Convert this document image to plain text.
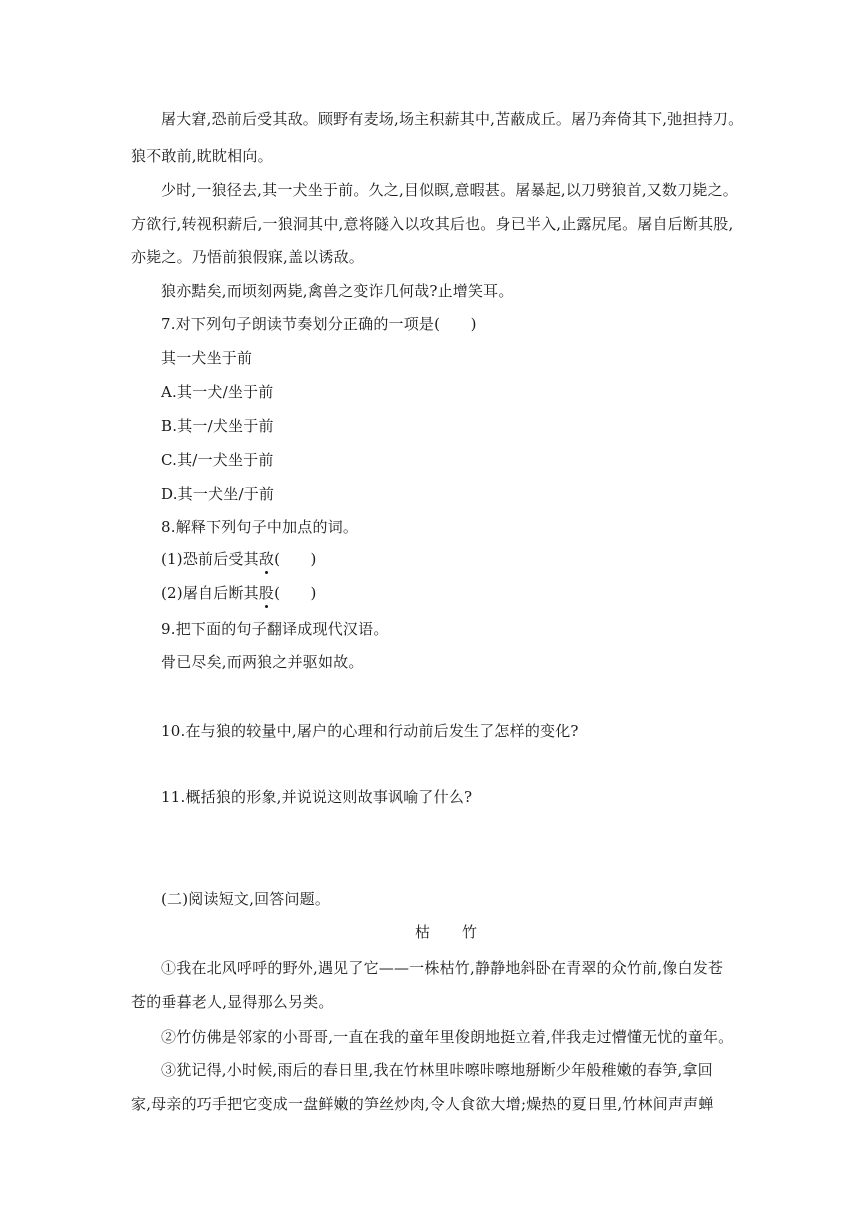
屠大窘,恐前后受其敌。顾野有麦场,场主积薪其中,苫蔽成丘。屠乃奔倚其下,弛担持刀。
狼不敢前,眈眈相向。
少时,一狼径去,其一犬坐于前。久之,目似瞑,意暇甚。屠暴起,以刀劈狼首,又数刀毙之。
方欲行,转视积薪后,一狼洞其中,意将隧入以攻其后也。身已半入,止露尻尾。屠自后断其股,
亦毙之。乃悟前狼假寐,盖以诱敌。
狼亦黠矣,而顷刻两毙,禽兽之变诈几何哉?止增笑耳。
7.对下列句子朗读节奏划分正确的一项是(　　)
其一犬坐于前
A.其一犬/坐于前
B.其一/犬坐于前
C.其/一犬坐于前
D.其一犬坐/于前
8.解释下列句子中加点的词。
(1)恐前后受其敌(　　)
(2)屠自后断其股(　　)
9.把下面的句子翻译成现代汉语。
骨已尽矣,而两狼之并驱如故。
10.在与狼的较量中,屠户的心理和行动前后发生了怎样的变化?
11.概括狼的形象,并说说这则故事讽喻了什么?
(二)阅读短文,回答问题。
枯 竹
①我在北风呼呼的野外,遇见了它——一株枯竹,静静地斜卧在青翠的众竹前,像白发苍
苍的垂暮老人,显得那么另类。
②竹仿佛是邻家的小哥哥,一直在我的童年里俊朗地挺立着,伴我走过懵懂无忧的童年。
③犹记得,小时候,雨后的春日里,我在竹林里咔嚓咔嚓地掰断少年般稚嫩的春笋,拿回
家,母亲的巧手把它变成一盘鲜嫩的笋丝炒肉,令人食欲大增;燥热的夏日里,竹林间声声蝉
